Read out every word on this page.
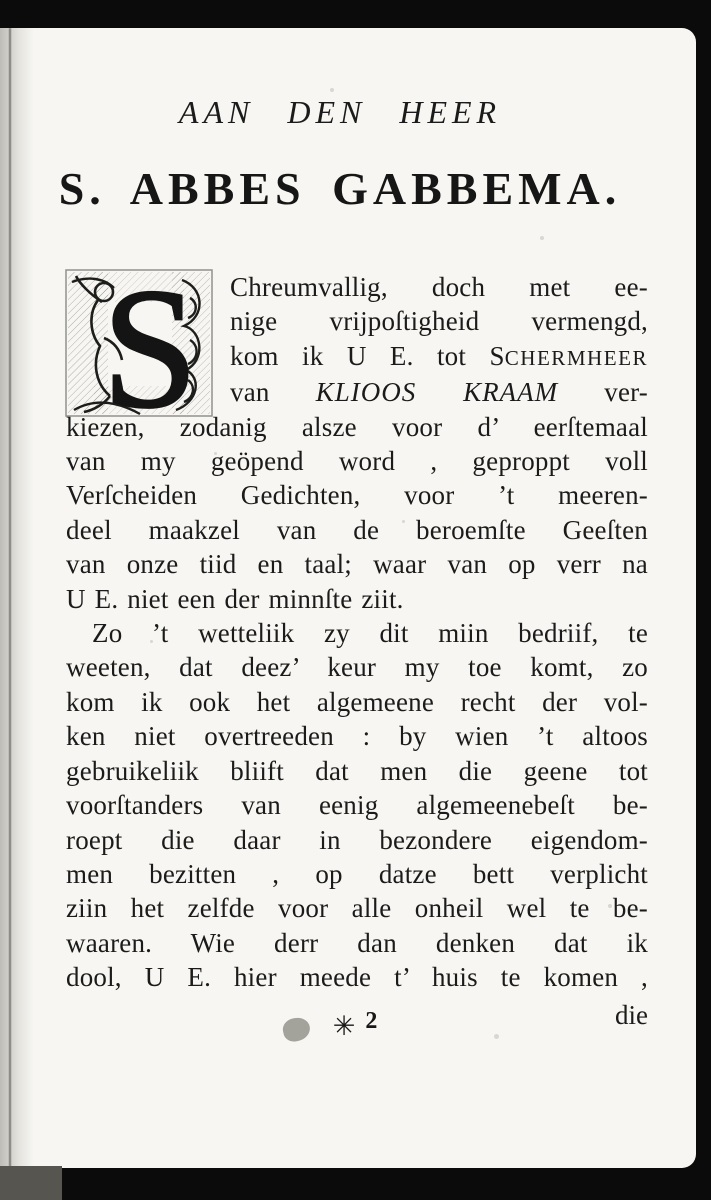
AAN DEN HEER
S. ABBES GABBEMA.
S	Chreumvallig, doch met ee-
nige vrijpoſtigheid vermengd,
kom ik U E. tot SCHERMHEER
van KLIOOS KRAAM ver-
kiezen, zodanig alsze voor d’ eerſtemaal
van my geöpend word , geproppt voll
Verſcheiden Gedichten, voor ’t meeren-
deel maakzel van de beroemſte Geeſten
van onze tiid en taal; waar van op verr na
U E. niet een der minnſte ziit.
Zo ’t wetteliik zy dit miin bedriif, te
weeten, dat deez’ keur my toe komt, zo
kom ik ook het algemeene recht der vol-
ken niet overtreeden : by wien ’t altoos
gebruikeliik bliift dat men die geene tot
voorſtanders van eenig algemeenebeſt be-
roept die daar in bezondere eigendom-
men bezitten , op datze bett verplicht
ziin het zelfde voor alle onheil wel te be-
waaren. Wie derr dan denken dat ik
dool, U E. hier meede t’ huis te komen ,
die
✳ 2
